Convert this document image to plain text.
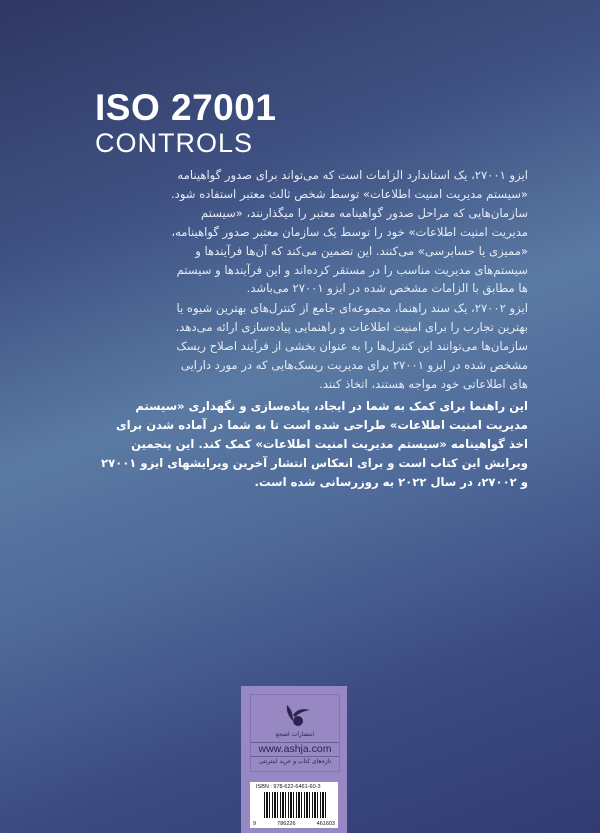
ISO 27001
CONTROLS
ایزو ۲۷۰۰۱، یک استاندارد الزامات است که می‌تواند برای صدور گواهینامه
«سیستم مدیریت امنیت اطلاعات» توسط شخص ثالث معتبر استفاده شود.
سازمان‌هایی که مراحل صدور گواهینامه معتبر را میگذارنند، «سیستم
مدیریت امنیت اطلاعات» خود را توسط یک سازمان معتبر صدور گواهینامه،
«ممیزی یا حسابرسی» می‌کنند. این تضمین می‌کند که آن‌ها فرآیندها و
سیستم‌های مدیریت مناسب را در مستقر کرده‌اند و این فرآیندها و سیستم
ها مطابق با الزامات مشخص شده در ایزو ۲۷۰۰۱ می‌باشد.
ایزو ۲۷۰۰۲، یک سند راهنما، مجموعه‌ای جامع از کنترل‌های بهترین شیوه یا
بهترین تجارب را برای امنیت اطلاعات و راهنمایی پیاده‌سازی ارائه می‌دهد.
سازمان‌ها می‌توانند این کنترل‌ها را به عنوان بخشی از فرآیند اصلاح ریسک
مشخص شده در ایزو ۲۷۰۰۱ برای مدیریت ریسک‌هایی که در مورد دارایی
های اطلاعاتی خود مواجه هستند، اتخاذ کنند.
این راهنما برای کمک به شما در ایجاد، پیاده‌سازی و نگهداری «سیستم
مدیریت امنیت اطلاعات» طراحی شده است تا به شما در آماده شدن برای
اخذ گواهینامه «سیستم مدیریت امنیت اطلاعات» کمک کند. این پنجمین
ویرایش این کتاب است و برای انعکاس انتشار آخرین ویرایشهای ایزو ۲۷۰۰۱
و ۲۷۰۰۲، در سال ۲۰۲۲ به روزرسانی شده است.
انتشارات اشجع
www.ashja.com
تازه‌های کتاب و خرید اینترنتی
ISBN : 978-622-6461-60-3
9	786226	461603
